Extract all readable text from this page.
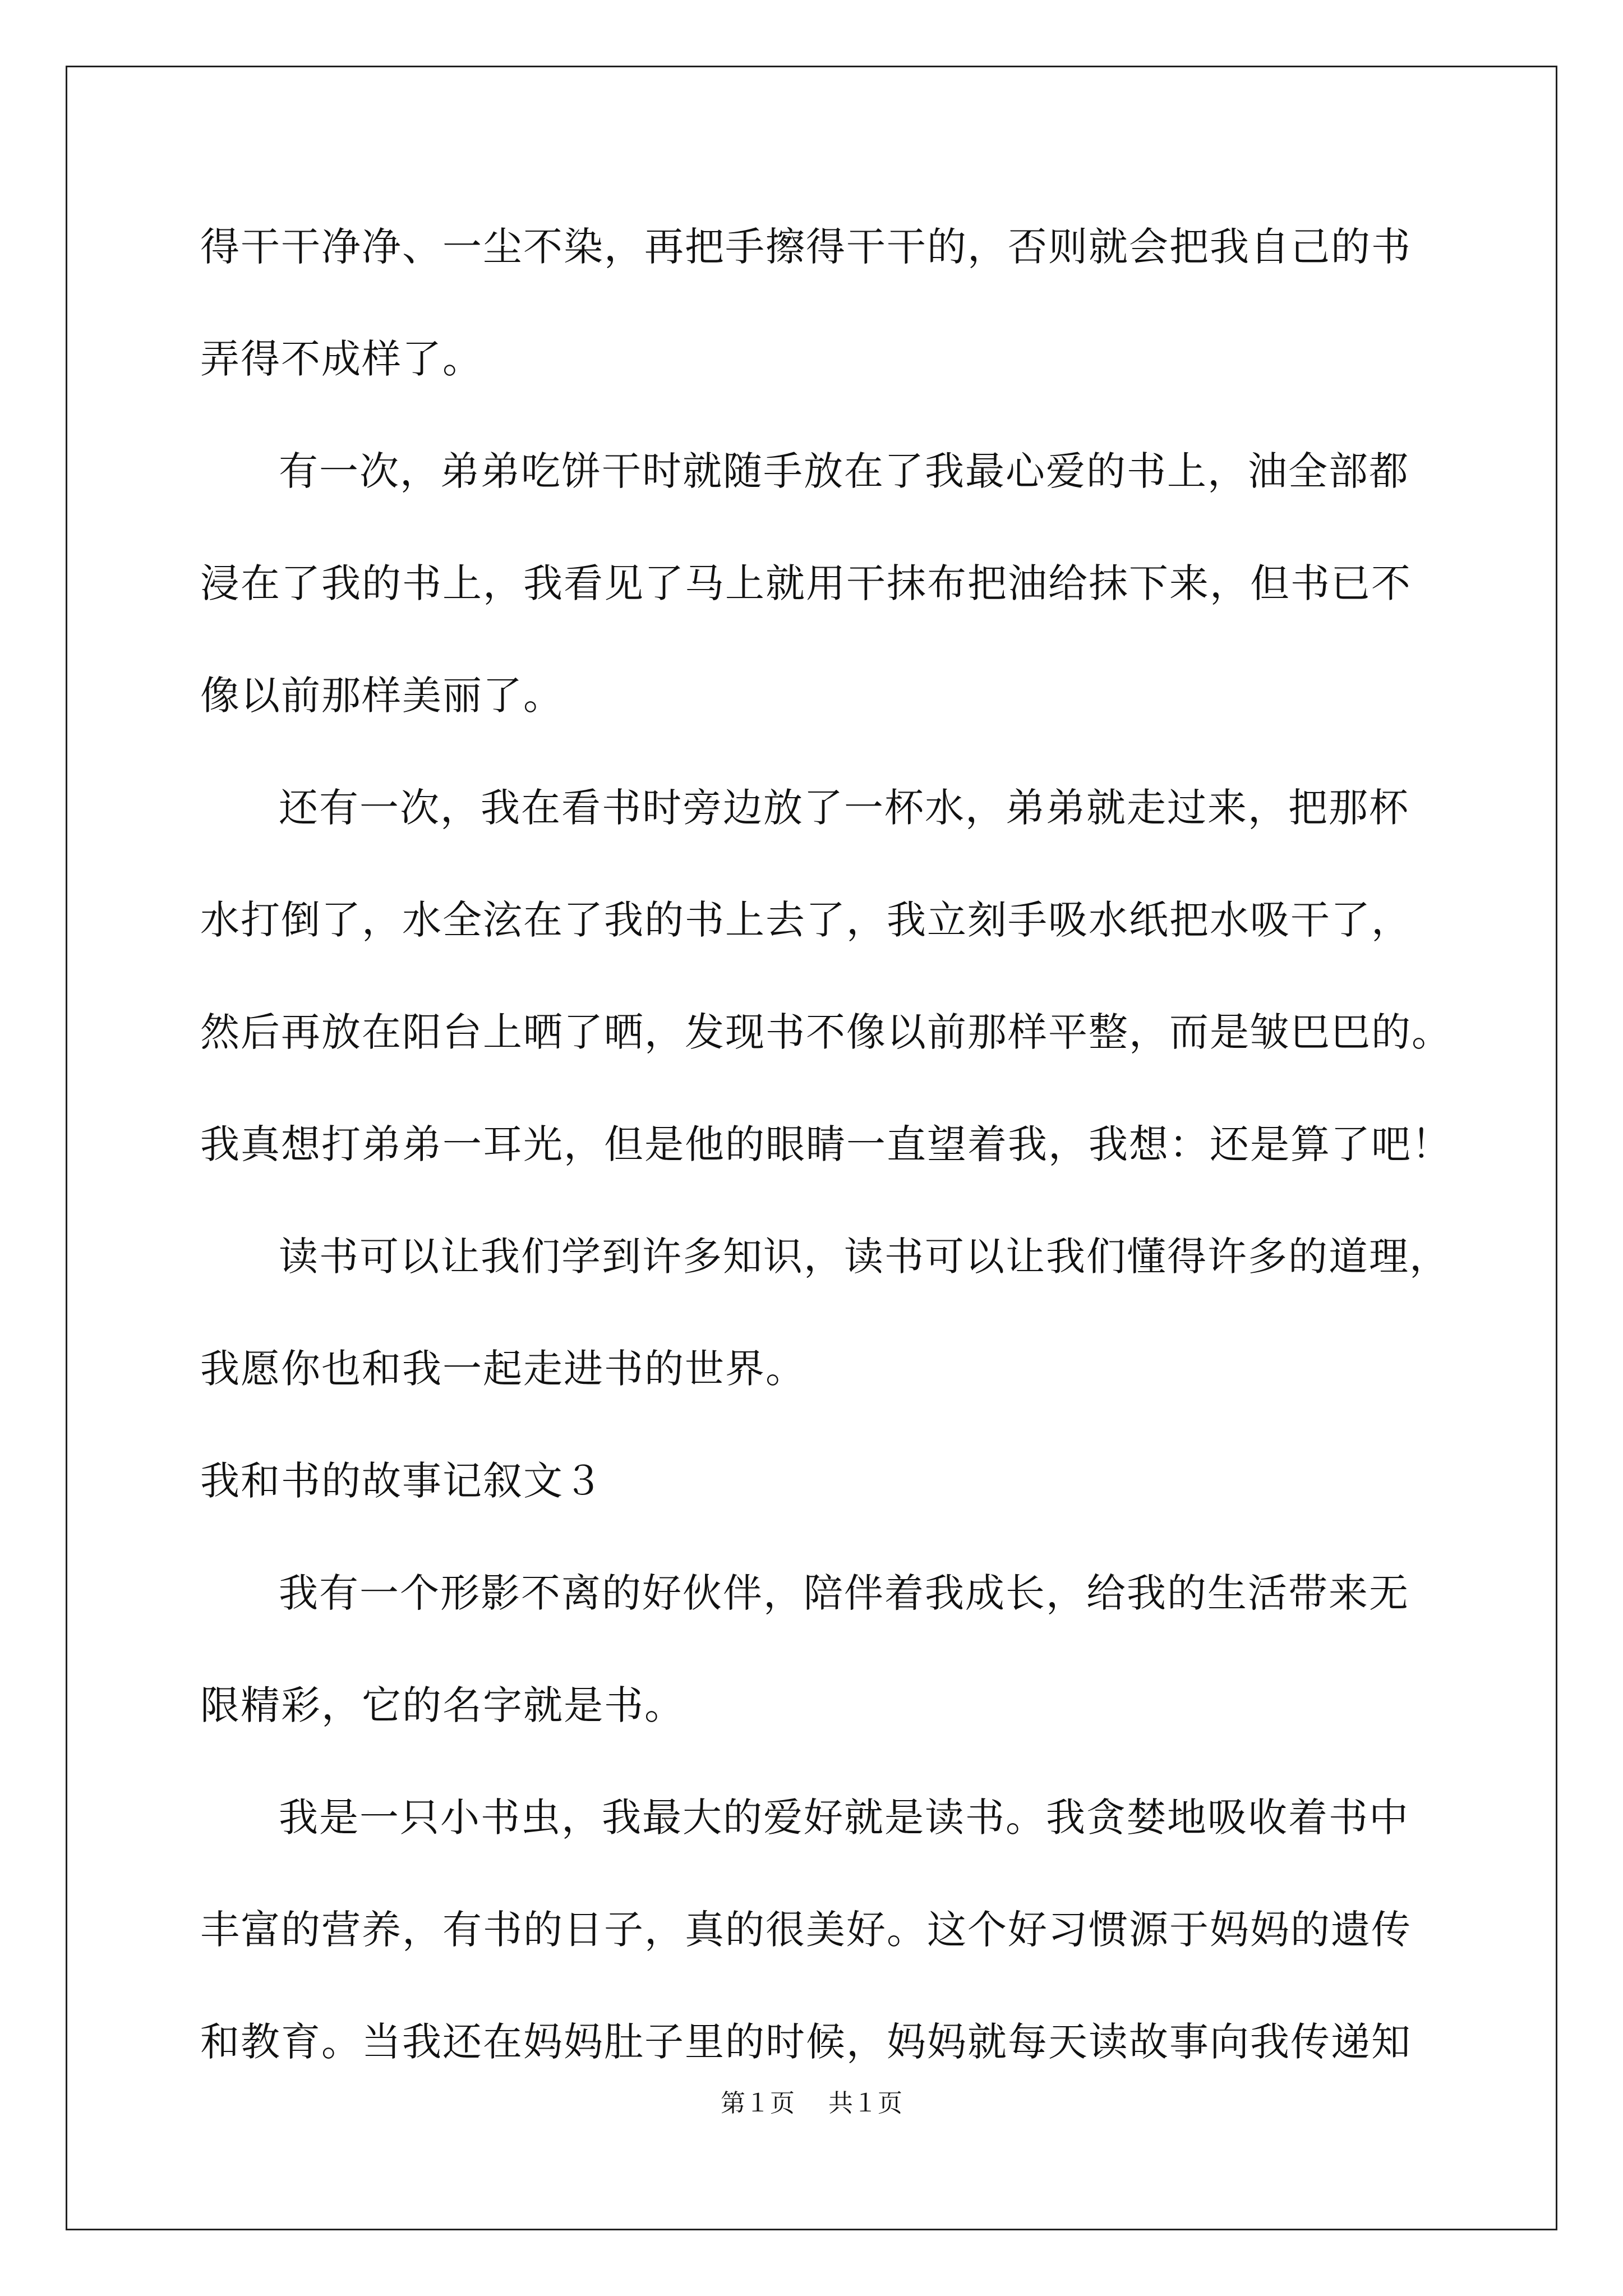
得干干净净、一尘不染，再把手擦得干干的，否则就会把我自己的书
弄得不成样了。
有一次，弟弟吃饼干时就随手放在了我最心爱的书上，油全部都
浸在了我的书上，我看见了马上就用干抹布把油给抹下来，但书已不
像以前那样美丽了。
还有一次，我在看书时旁边放了一杯水，弟弟就走过来，把那杯
水打倒了，水全泫在了我的书上去了，我立刻手吸水纸把水吸干了，
然后再放在阳台上晒了晒，发现书不像以前那样平整，而是皱巴巴的。
我真想打弟弟一耳光，但是他的眼睛一直望着我，我想：还是算了吧！
读书可以让我们学到许多知识，读书可以让我们懂得许多的道理，
我愿你也和我一起走进书的世界。
我和书的故事记叙文３
我有一个形影不离的好伙伴，陪伴着我成长，给我的生活带来无
限精彩，它的名字就是书。
我是一只小书虫，我最大的爱好就是读书。我贪婪地吸收着书中
丰富的营养，有书的日子，真的很美好。这个好习惯源于妈妈的遗传
和教育。当我还在妈妈肚子里的时候，妈妈就每天读故事向我传递知
第１页 共１页
